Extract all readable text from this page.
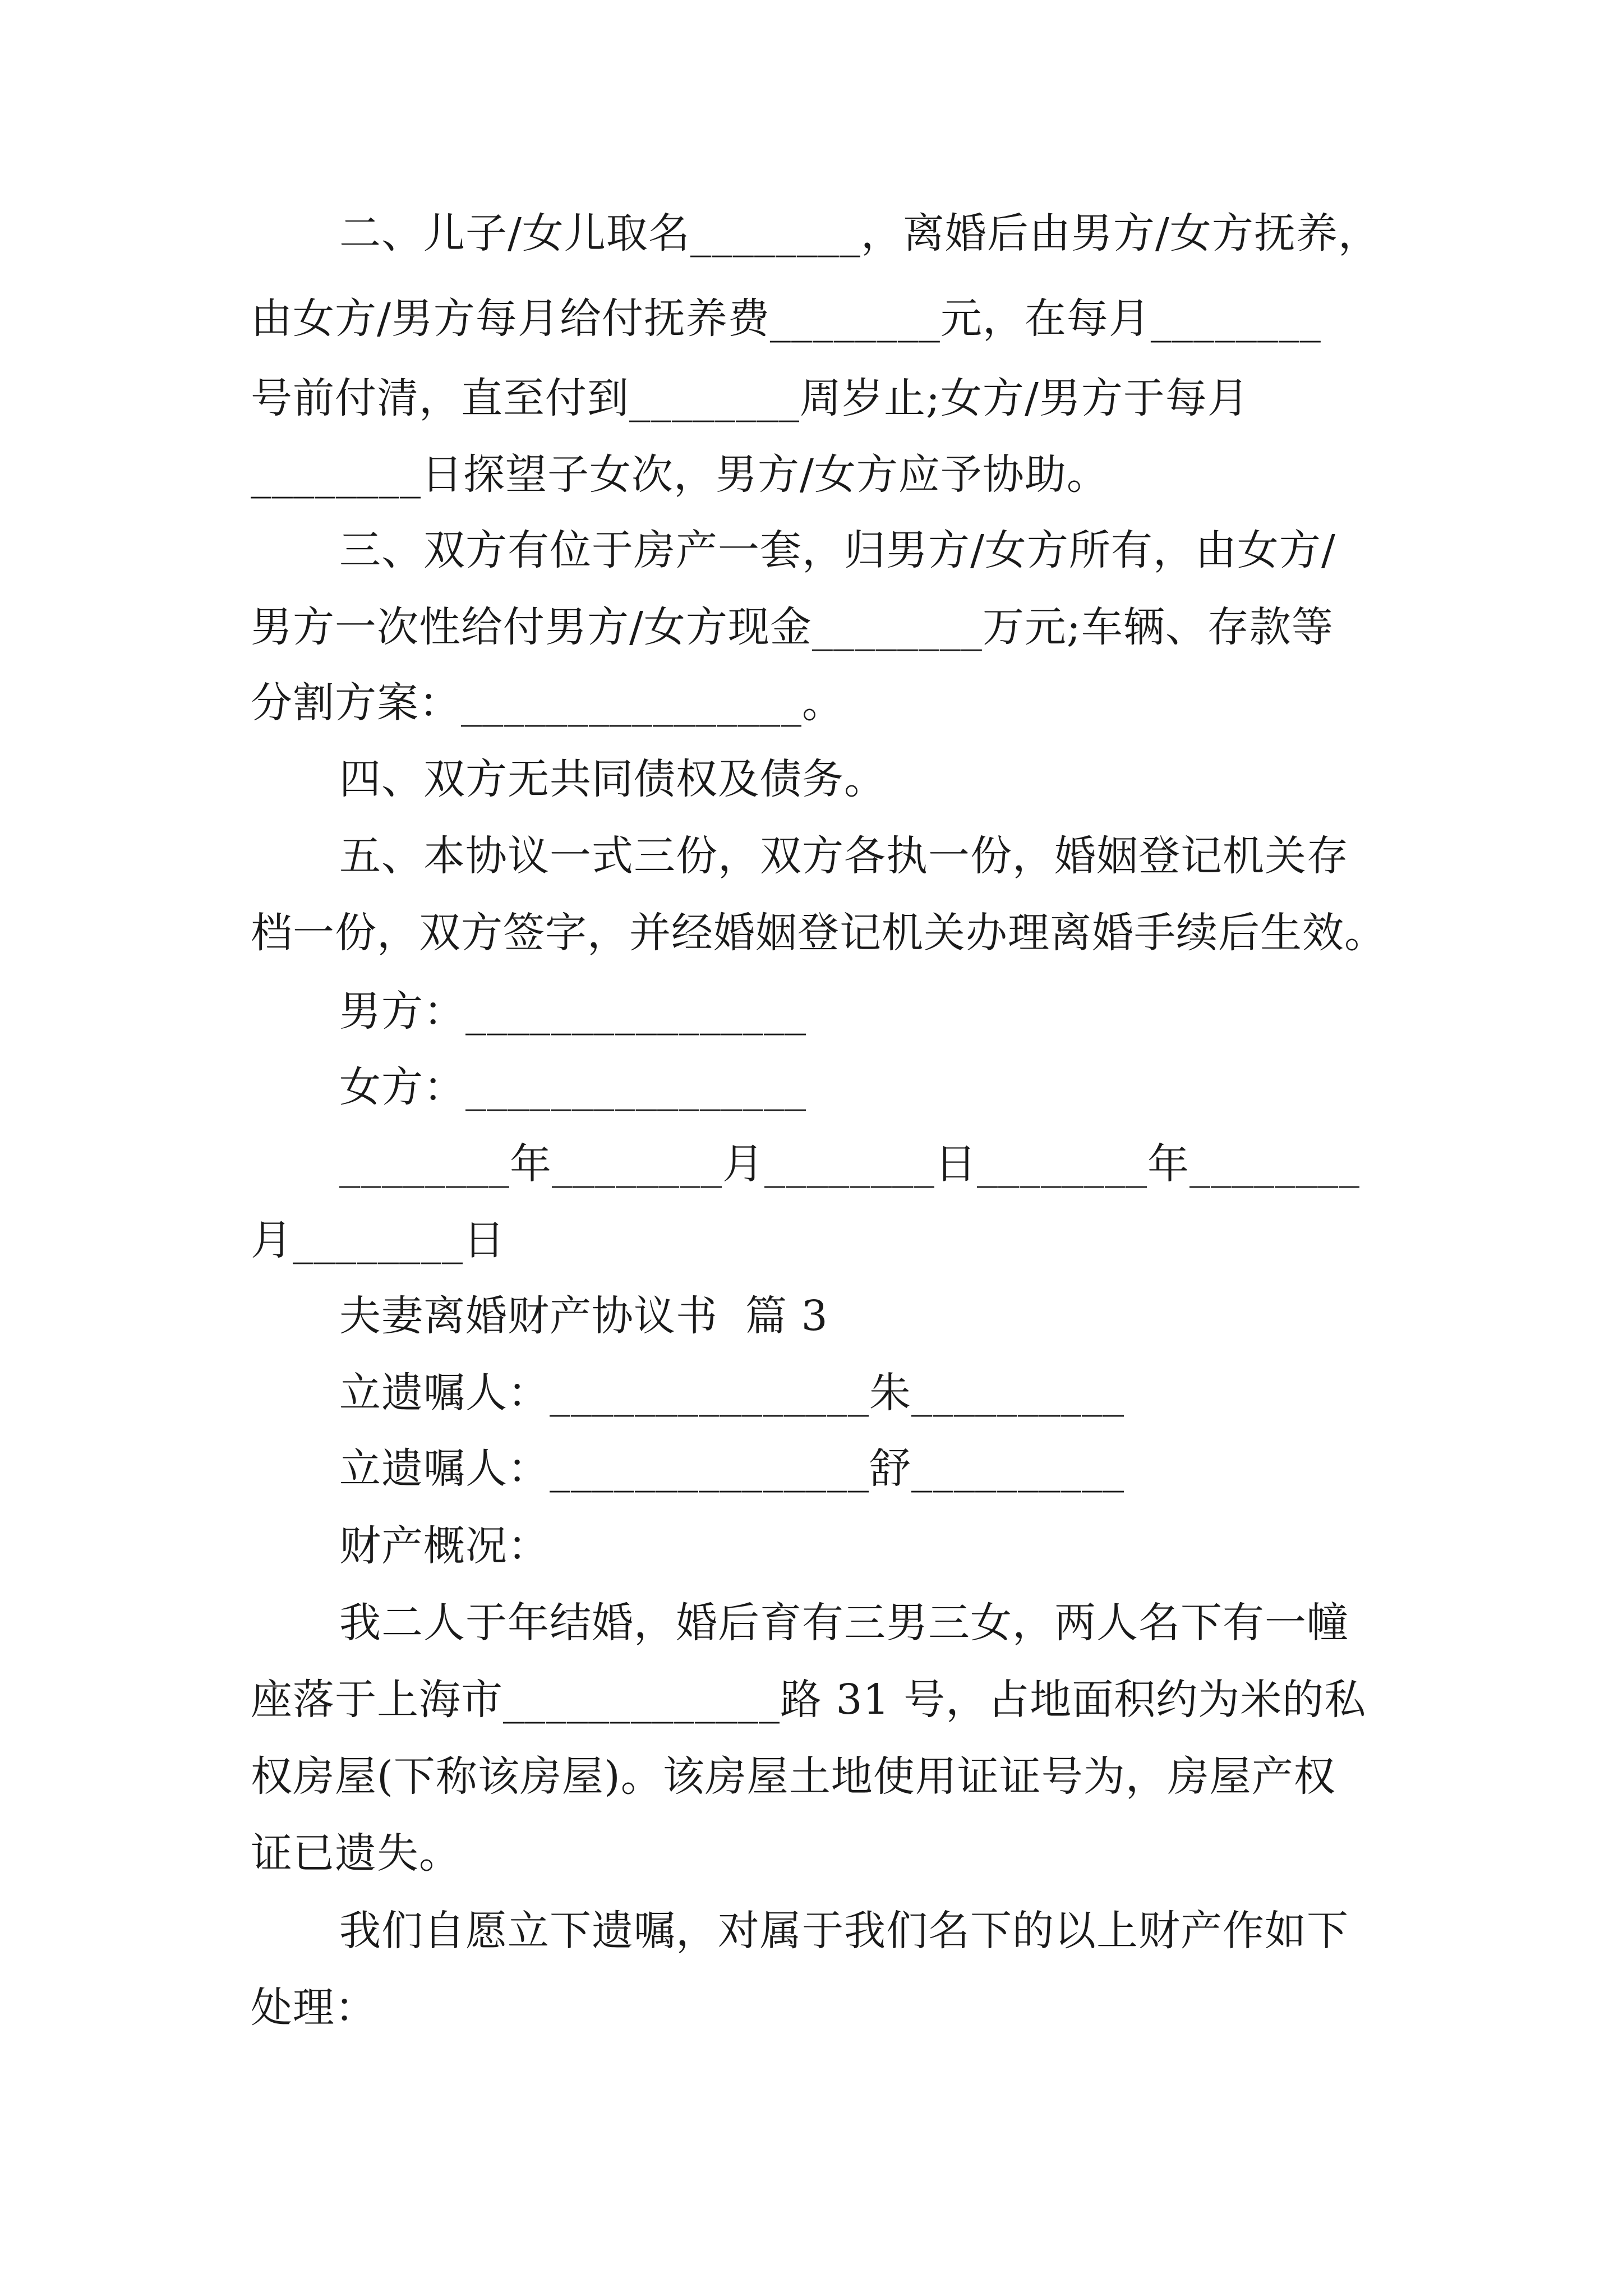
二、儿子/女儿取名________，离婚后由男方/女方抚养，
由女方/男方每月给付抚养费________元，在每月________
号前付清，直至付到________周岁止;女方/男方于每月
________日探望子女次，男方/女方应予协助。
三、双方有位于房产一套，归男方/女方所有，由女方/
男方一次性给付男方/女方现金________万元;车辆、存款等
分割方案：________________。
四、双方无共同债权及债务。
五、本协议一式三份，双方各执一份，婚姻登记机关存
档一份，双方签字，并经婚姻登记机关办理离婚手续后生效。
男方：________________
女方：________________
________年________月________日________年________
月________日
夫妻离婚财产协议书  篇 3
立遗嘱人：_______________朱__________
立遗嘱人：_______________舒__________
财产概况：
我二人于年结婚，婚后育有三男三女，两人名下有一幢
座落于上海市_____________路 31 号，占地面积约为米的私
权房屋(下称该房屋)。该房屋土地使用证证号为，房屋产权
证已遗失。
我们自愿立下遗嘱，对属于我们名下的以上财产作如下
处理：
